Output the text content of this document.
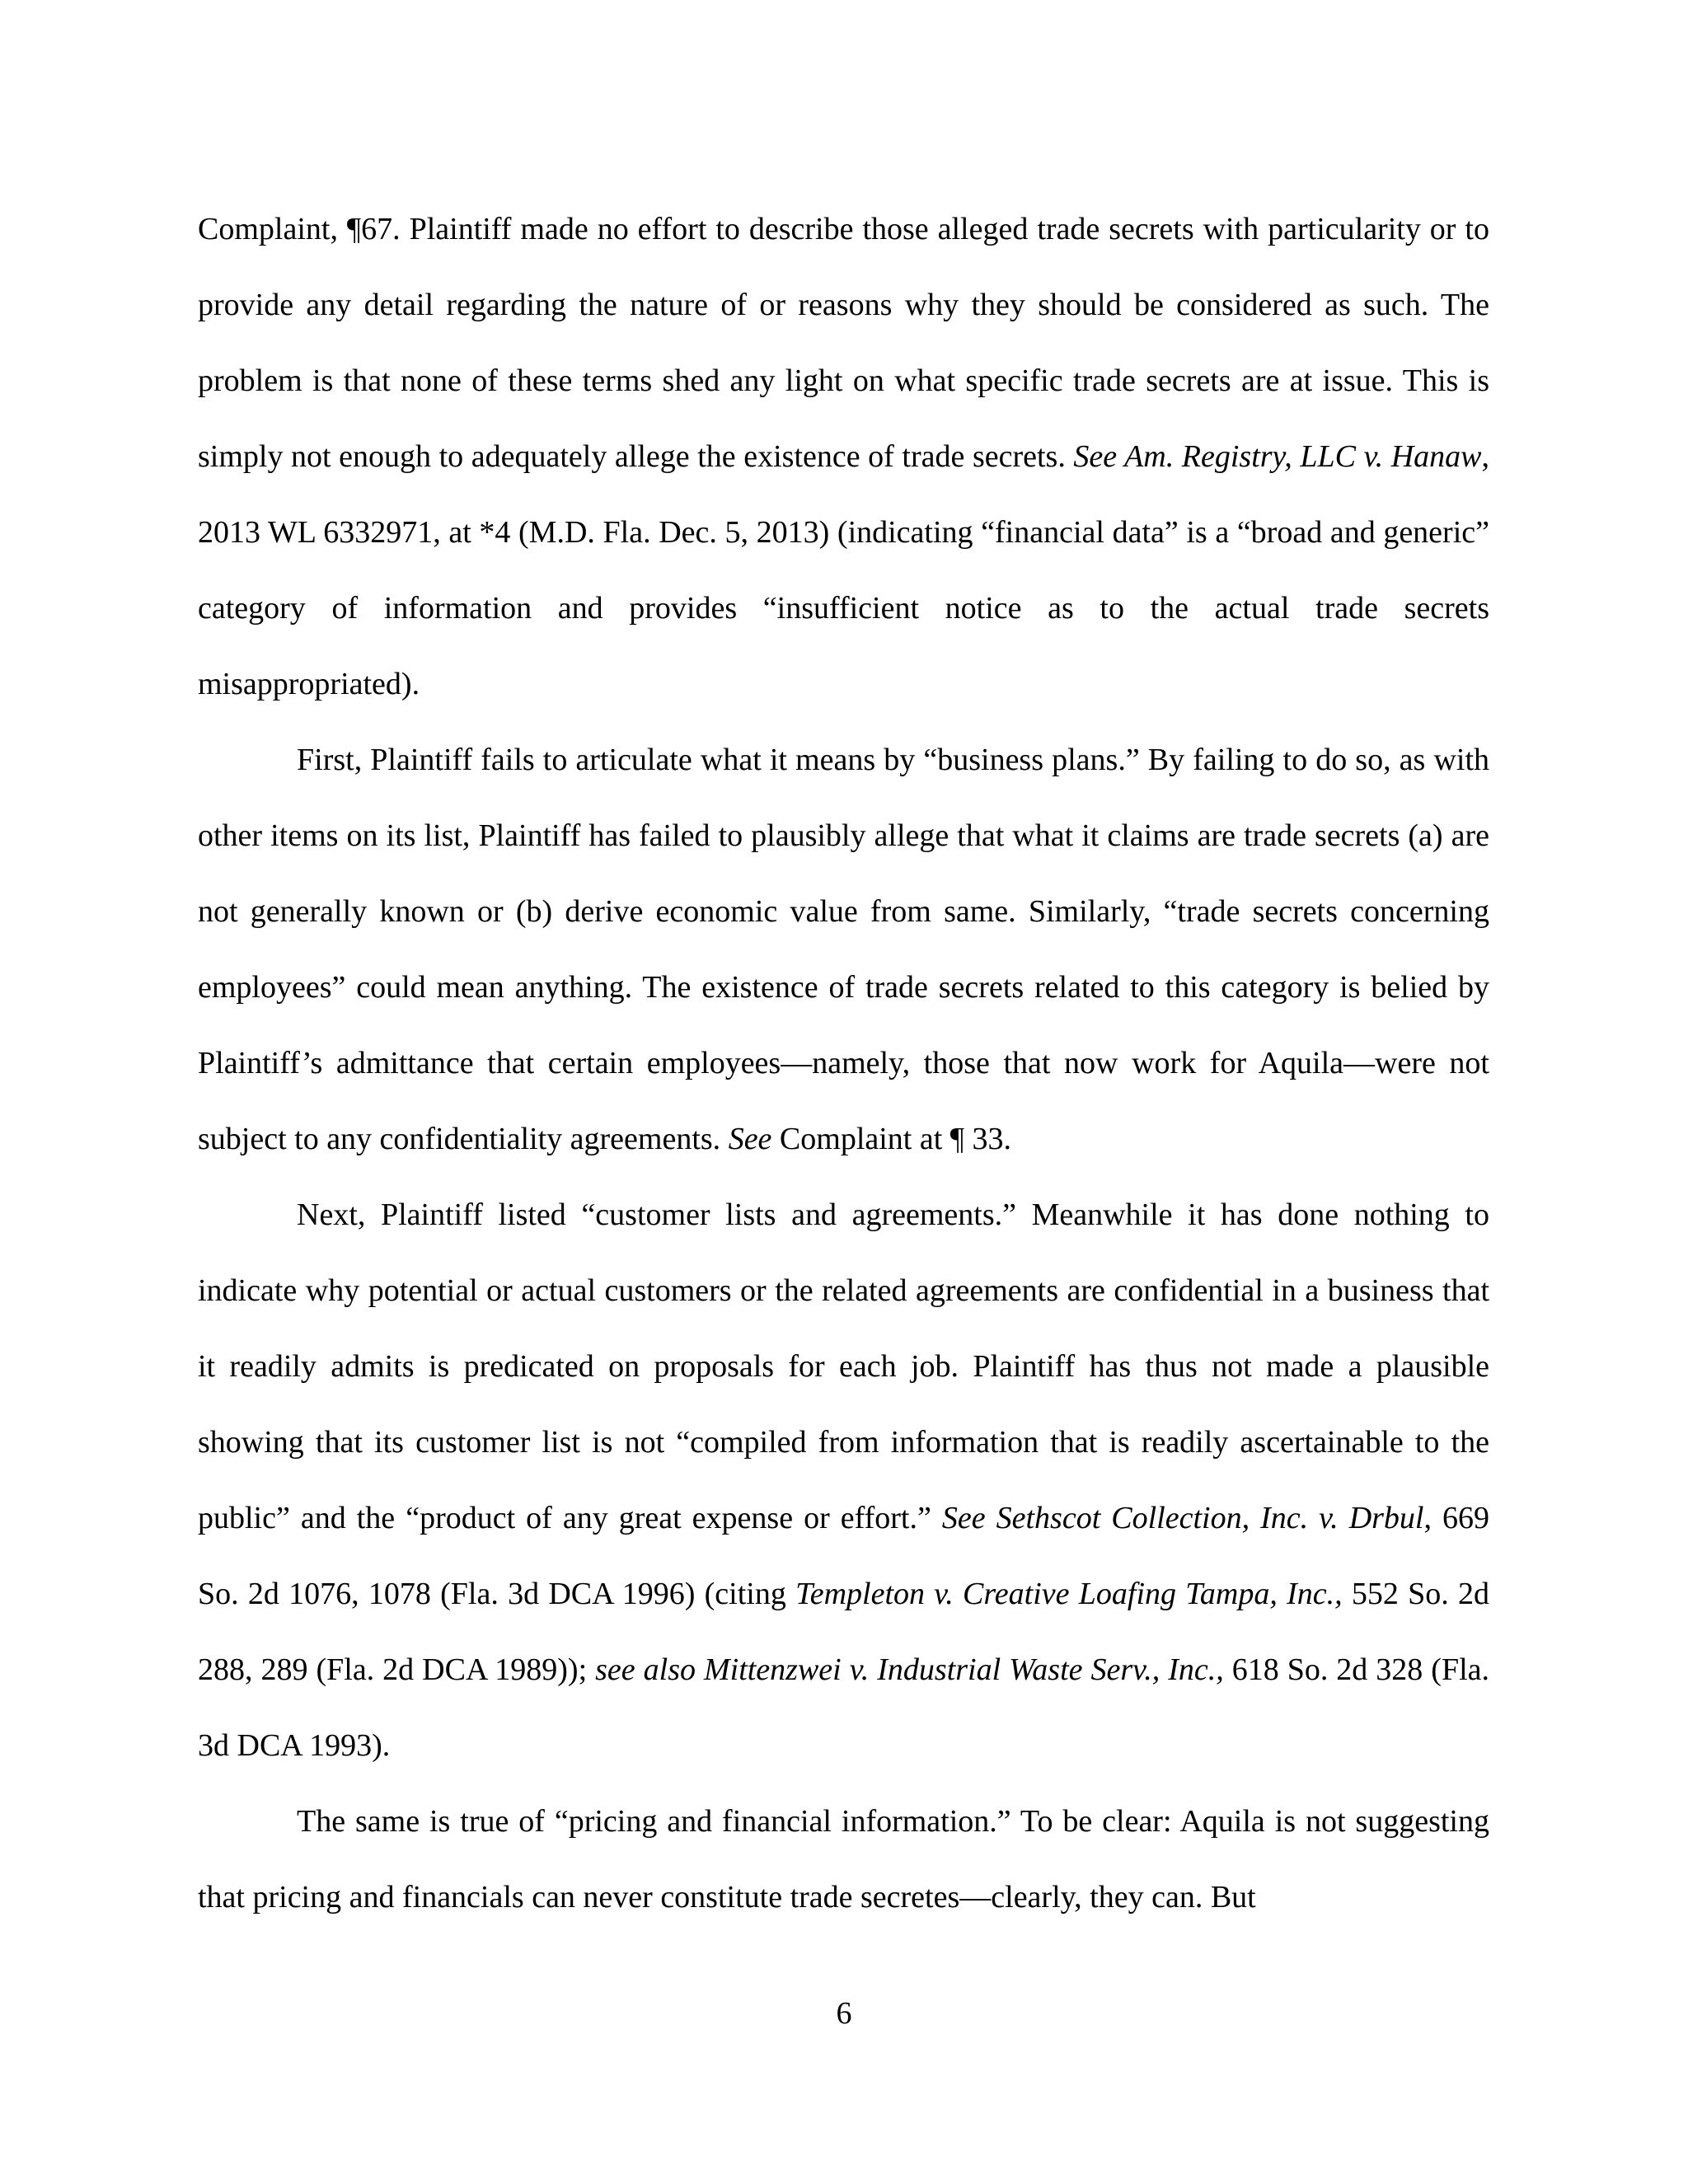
Complaint, ¶67. Plaintiff made no effort to describe those alleged trade secrets with particularity or to provide any detail regarding the nature of or reasons why they should be considered as such. The problem is that none of these terms shed any light on what specific trade secrets are at issue. This is simply not enough to adequately allege the existence of trade secrets. See Am. Registry, LLC v. Hanaw, 2013 WL 6332971, at *4 (M.D. Fla. Dec. 5, 2013) (indicating “financial data” is a “broad and generic” category of information and provides “insufficient notice as to the actual trade secrets misappropriated).

First, Plaintiff fails to articulate what it means by “business plans.” By failing to do so, as with other items on its list, Plaintiff has failed to plausibly allege that what it claims are trade secrets (a) are not generally known or (b) derive economic value from same. Similarly, “trade secrets concerning employees” could mean anything. The existence of trade secrets related to this category is belied by Plaintiff’s admittance that certain employees—namely, those that now work for Aquila—were not subject to any confidentiality agreements. See Complaint at ¶ 33.

Next, Plaintiff listed “customer lists and agreements.” Meanwhile it has done nothing to indicate why potential or actual customers or the related agreements are confidential in a business that it readily admits is predicated on proposals for each job. Plaintiff has thus not made a plausible showing that its customer list is not “compiled from information that is readily ascertainable to the public” and the “product of any great expense or effort.” See Sethscot Collection, Inc. v. Drbul, 669 So. 2d 1076, 1078 (Fla. 3d DCA 1996) (citing Templeton v. Creative Loafing Tampa, Inc., 552 So. 2d 288, 289 (Fla. 2d DCA 1989)); see also Mittenzwei v. Industrial Waste Serv., Inc., 618 So. 2d 328 (Fla. 3d DCA 1993).

The same is true of “pricing and financial information.” To be clear: Aquila is not suggesting that pricing and financials can never constitute trade secretes—clearly, they can. But

6
